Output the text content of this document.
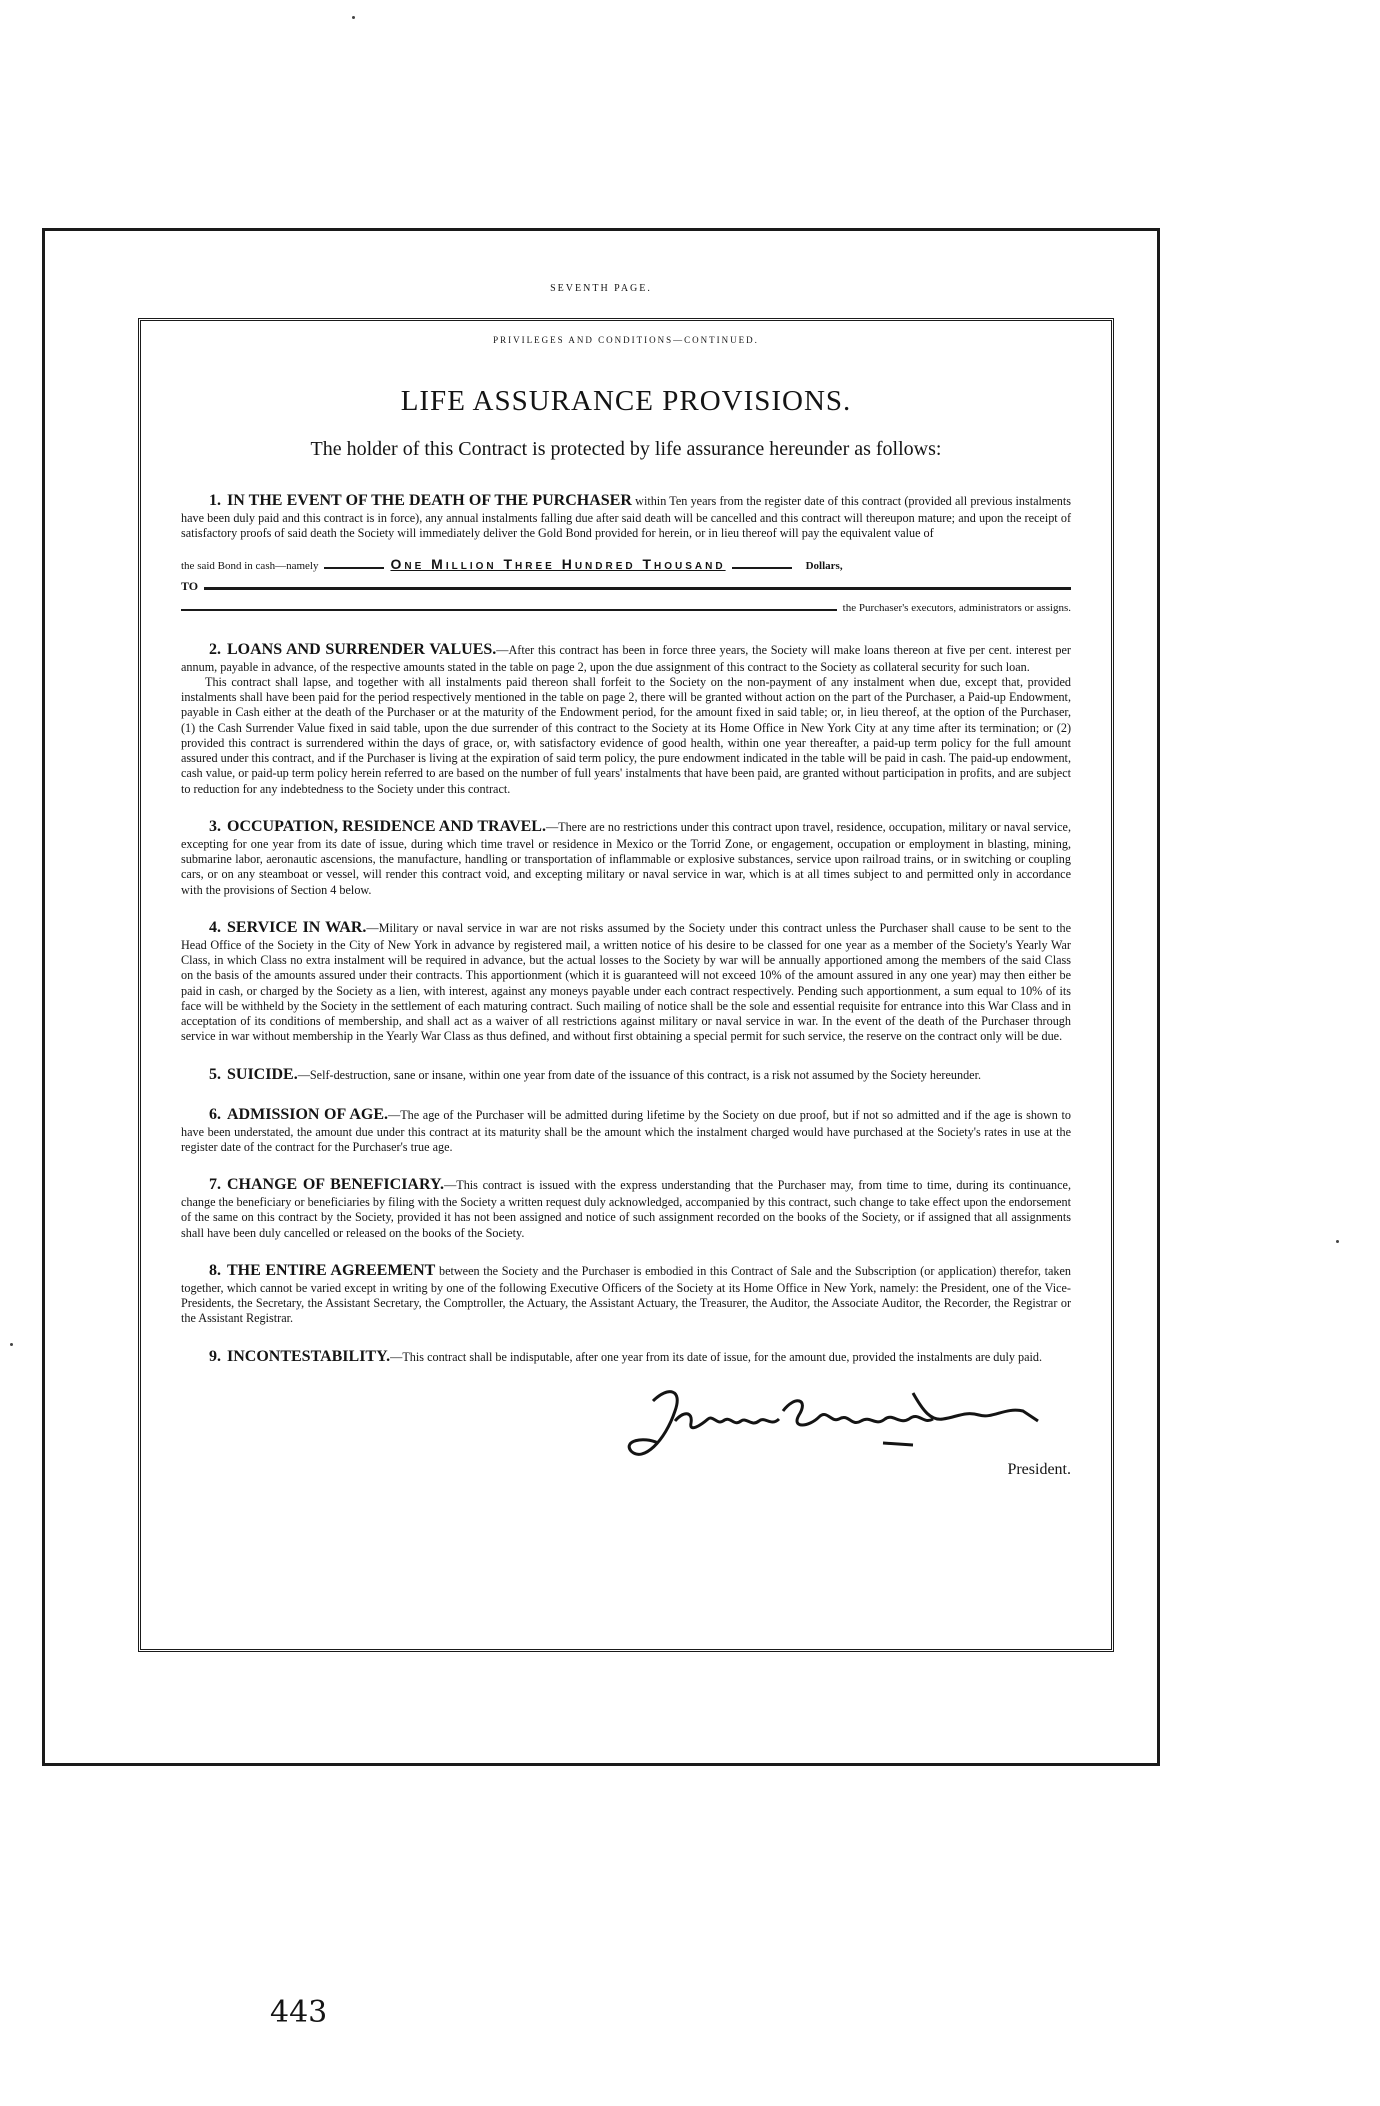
SEVENTH PAGE.
PRIVILEGES AND CONDITIONS—CONTINUED.
LIFE ASSURANCE PROVISIONS.
The holder of this Contract is protected by life assurance hereunder as follows:
1. IN THE EVENT OF THE DEATH OF THE PURCHASER within Ten years from the register date of this contract (provided all previous instalments have been duly paid and this contract is in force), any annual instalments falling due after said death will be cancelled and this contract will thereupon mature; and upon the receipt of satisfactory proofs of said death the Society will immediately deliver the Gold Bond provided for herein, or in lieu thereof will pay the equivalent value of
the said Bond in cash—namely	One Million Three Hundred Thousand	Dollars,
TO
the Purchaser's executors, administrators or assigns.
2. LOANS AND SURRENDER VALUES.—After this contract has been in force three years, the Society will make loans thereon at five per cent. interest per annum, payable in advance, of the respective amounts stated in the table on page 2, upon the due assignment of this contract to the Society as collateral security for such loan.
This contract shall lapse, and together with all instalments paid thereon shall forfeit to the Society on the non-payment of any instalment when due, except that, provided instalments shall have been paid for the period respectively mentioned in the table on page 2, there will be granted without action on the part of the Purchaser, a Paid-up Endowment, payable in Cash either at the death of the Purchaser or at the maturity of the Endowment period, for the amount fixed in said table; or, in lieu thereof, at the option of the Purchaser, (1) the Cash Surrender Value fixed in said table, upon the due surrender of this contract to the Society at its Home Office in New York City at any time after its termination; or (2) provided this contract is surrendered within the days of grace, or, with satisfactory evidence of good health, within one year thereafter, a paid-up term policy for the full amount assured under this contract, and if the Purchaser is living at the expiration of said term policy, the pure endowment indicated in the table will be paid in cash. The paid-up endowment, cash value, or paid-up term policy herein referred to are based on the number of full years' instalments that have been paid, are granted without participation in profits, and are subject to reduction for any indebtedness to the Society under this contract.
3. OCCUPATION, RESIDENCE AND TRAVEL.—There are no restrictions under this contract upon travel, residence, occupation, military or naval service, excepting for one year from its date of issue, during which time travel or residence in Mexico or the Torrid Zone, or engagement, occupation or employment in blasting, mining, submarine labor, aeronautic ascensions, the manufacture, handling or transportation of inflammable or explosive substances, service upon railroad trains, or in switching or coupling cars, or on any steamboat or vessel, will render this contract void, and excepting military or naval service in war, which is at all times subject to and permitted only in accordance with the provisions of Section 4 below.
4. SERVICE IN WAR.—Military or naval service in war are not risks assumed by the Society under this contract unless the Purchaser shall cause to be sent to the Head Office of the Society in the City of New York in advance by registered mail, a written notice of his desire to be classed for one year as a member of the Society's Yearly War Class, in which Class no extra instalment will be required in advance, but the actual losses to the Society by war will be annually apportioned among the members of the said Class on the basis of the amounts assured under their contracts. This apportionment (which it is guaranteed will not exceed 10% of the amount assured in any one year) may then either be paid in cash, or charged by the Society as a lien, with interest, against any moneys payable under each contract respectively. Pending such apportionment, a sum equal to 10% of its face will be withheld by the Society in the settlement of each maturing contract. Such mailing of notice shall be the sole and essential requisite for entrance into this War Class and in acceptation of its conditions of membership, and shall act as a waiver of all restrictions against military or naval service in war. In the event of the death of the Purchaser through service in war without membership in the Yearly War Class as thus defined, and without first obtaining a special permit for such service, the reserve on the contract only will be due.
5. SUICIDE.—Self-destruction, sane or insane, within one year from date of the issuance of this contract, is a risk not assumed by the Society hereunder.
6. ADMISSION OF AGE.—The age of the Purchaser will be admitted during lifetime by the Society on due proof, but if not so admitted and if the age is shown to have been understated, the amount due under this contract at its maturity shall be the amount which the instalment charged would have purchased at the Society's rates in use at the register date of the contract for the Purchaser's true age.
7. CHANGE OF BENEFICIARY.—This contract is issued with the express understanding that the Purchaser may, from time to time, during its continuance, change the beneficiary or beneficiaries by filing with the Society a written request duly acknowledged, accompanied by this contract, such change to take effect upon the endorsement of the same on this contract by the Society, provided it has not been assigned and notice of such assignment recorded on the books of the Society, or if assigned that all assignments shall have been duly cancelled or released on the books of the Society.
8. THE ENTIRE AGREEMENT between the Society and the Purchaser is embodied in this Contract of Sale and the Subscription (or application) therefor, taken together, which cannot be varied except in writing by one of the following Executive Officers of the Society at its Home Office in New York, namely: the President, one of the Vice-Presidents, the Secretary, the Assistant Secretary, the Comptroller, the Actuary, the Assistant Actuary, the Treasurer, the Auditor, the Associate Auditor, the Recorder, the Registrar or the Assistant Registrar.
9. INCONTESTABILITY.—This contract shall be indisputable, after one year from its date of issue, for the amount due, provided the instalments are duly paid.
President.
443
